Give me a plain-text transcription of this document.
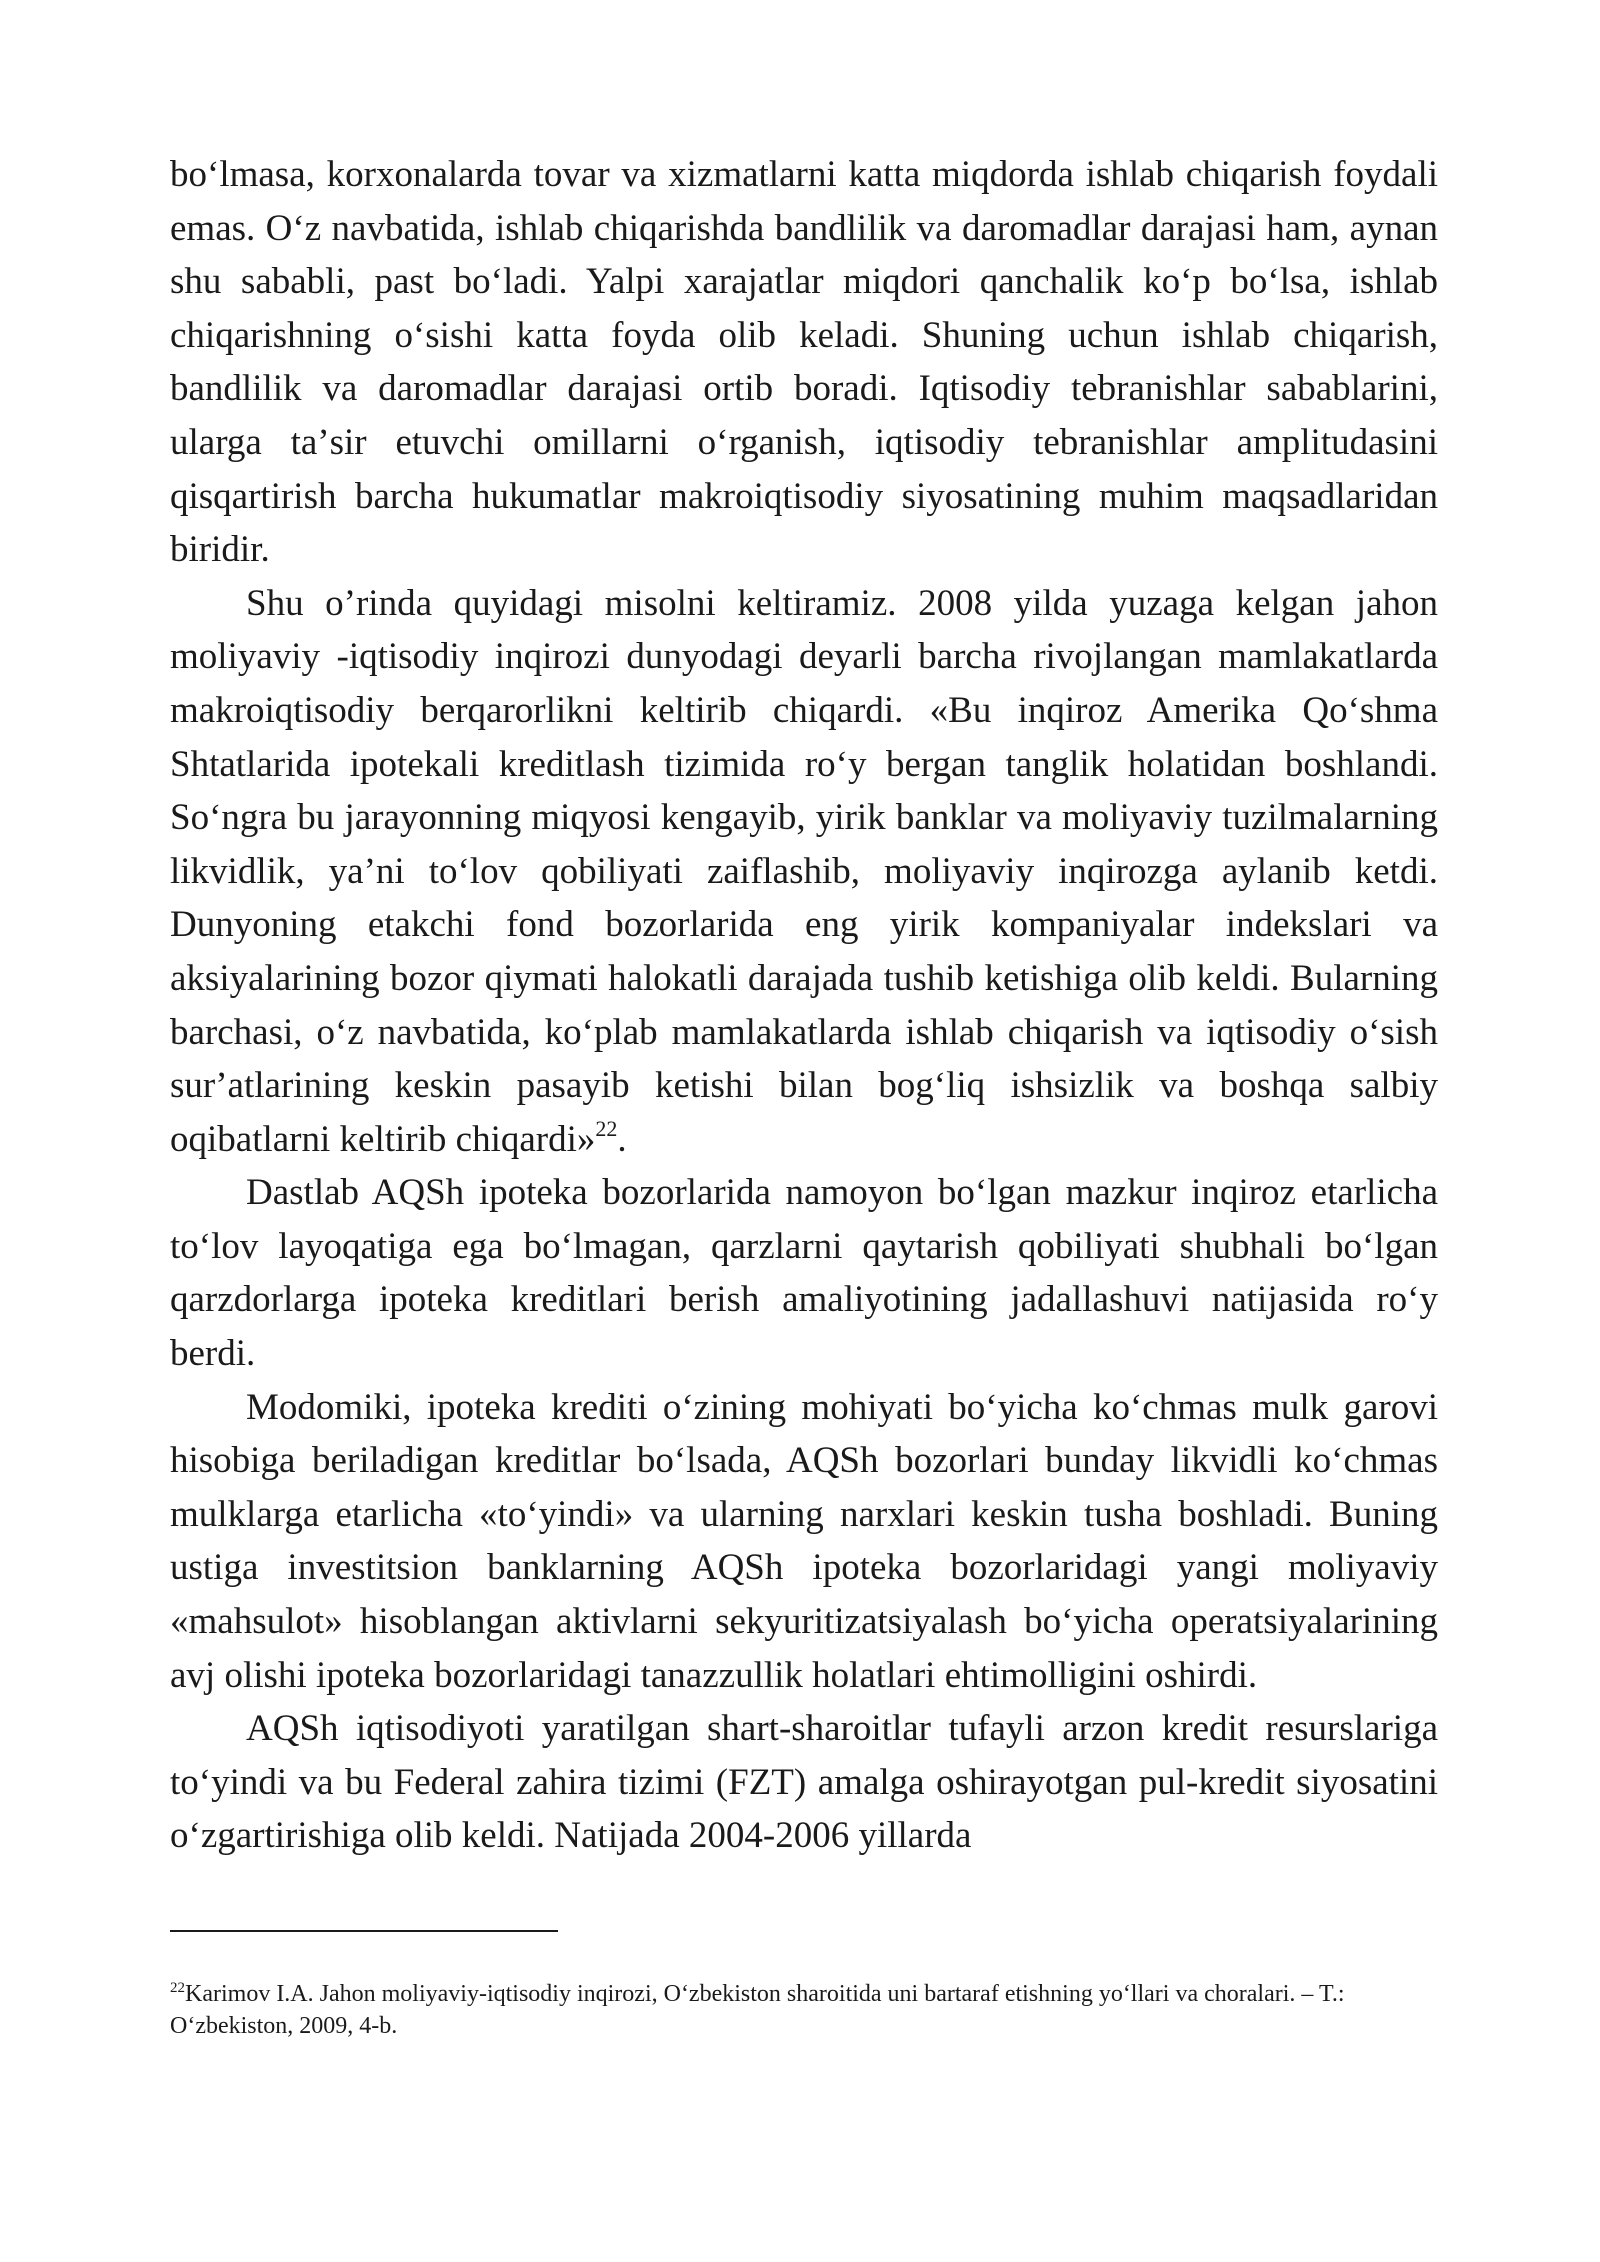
boʻlmasa, korxonalarda tovar va xizmatlarni katta miqdorda ishlab chiqarish foydali emas. Oʻz navbatida, ishlab chiqarishda bandlilik va daromadlar darajasi ham, aynan shu sababli, past boʻladi. Yalpi xarajatlar miqdori qanchalik koʻp boʻlsa, ishlab chiqarishning oʻsishi katta foyda olib keladi. Shuning uchun ishlab chiqarish, bandlilik va daromadlar darajasi ortib boradi. Iqtisodiy tebranishlar sabablarini, ularga taʼsir etuvchi omillarni oʻrganish, iqtisodiy tebranishlar amplitudasini qisqartirish barcha hukumatlar makroiqtisodiy siyosatining muhim maqsadlaridan biridir.

Shu o’rinda quyidagi misolni keltiramiz. 2008 yilda yuzaga kelgan jahon moliyaviy -iqtisodiy inqirozi dunyodagi deyarli barcha rivojlangan mamlakatlarda makroiqtisodiy berqarorlikni keltirib chiqardi. «Bu inqiroz Amerika Qoʻshma Shtatlarida ipotekali kreditlash tizimida roʻy bergan tanglik holatidan boshlandi. Soʻngra bu jarayonning miqyosi kengayib, yirik banklar va moliyaviy tuzilmalarning likvidlik, yaʼni toʻlov qobiliyati zaiflashib, moliyaviy inqirozga aylanib ketdi. Dunyoning etakchi fond bozorlarida eng yirik kompaniyalar indekslari va aksiyalarining bozor qiymati halokatli darajada tushib ketishiga olib keldi. Bularning barchasi, oʻz navbatida, koʻplab mamlakatlarda ishlab chiqarish va iqtisodiy oʻsish surʼatlarining keskin pasayib ketishi bilan bogʻliq ishsizlik va boshqa salbiy oqibatlarni keltirib chiqardi»$^{22}$.

Dastlab AQSh ipoteka bozorlarida namoyon boʻlgan mazkur inqiroz etarlicha toʻlov layoqatiga ega boʻlmagan, qarzlarni qaytarish qobiliyati shubhali boʻlgan qarzdorlarga ipoteka kreditlari berish amaliyotining jadallashuvi natijasida roʻy berdi.

Modomiki, ipoteka krediti oʻzining mohiyati boʻyicha koʻchmas mulk garovi hisobiga beriladigan kreditlar boʻlsada, AQSh bozorlari bunday likvidli koʻchmas mulklarga etarlicha «toʻyindi» va ularning narxlari keskin tusha boshladi. Buning ustiga investitsion banklarning AQSh ipoteka bozorlaridagi yangi moliyaviy «mahsulot» hisoblangan aktivlarni sekyuritizatsiyalash boʻyicha operatsiyalarining avj olishi ipoteka bozorlaridagi tanazzullik holatlari ehtimolligini oshirdi.

AQSh iqtisodiyoti yaratilgan shart-sharoitlar tufayli arzon kredit resurslariga toʻyindi va bu Federal zahira tizimi (FZT) amalga oshirayotgan pul-kredit siyosatini oʻzgartirishiga olib keldi. Natijada 2004-2006 yillarda

$^{22}$Karimov I.A. Jahon moliyaviy-iqtisodiy inqirozi, Oʻzbekiston sharoitida uni bartaraf etishning yoʻllari va choralari. – T.: Oʻzbekiston, 2009, 4-b.
